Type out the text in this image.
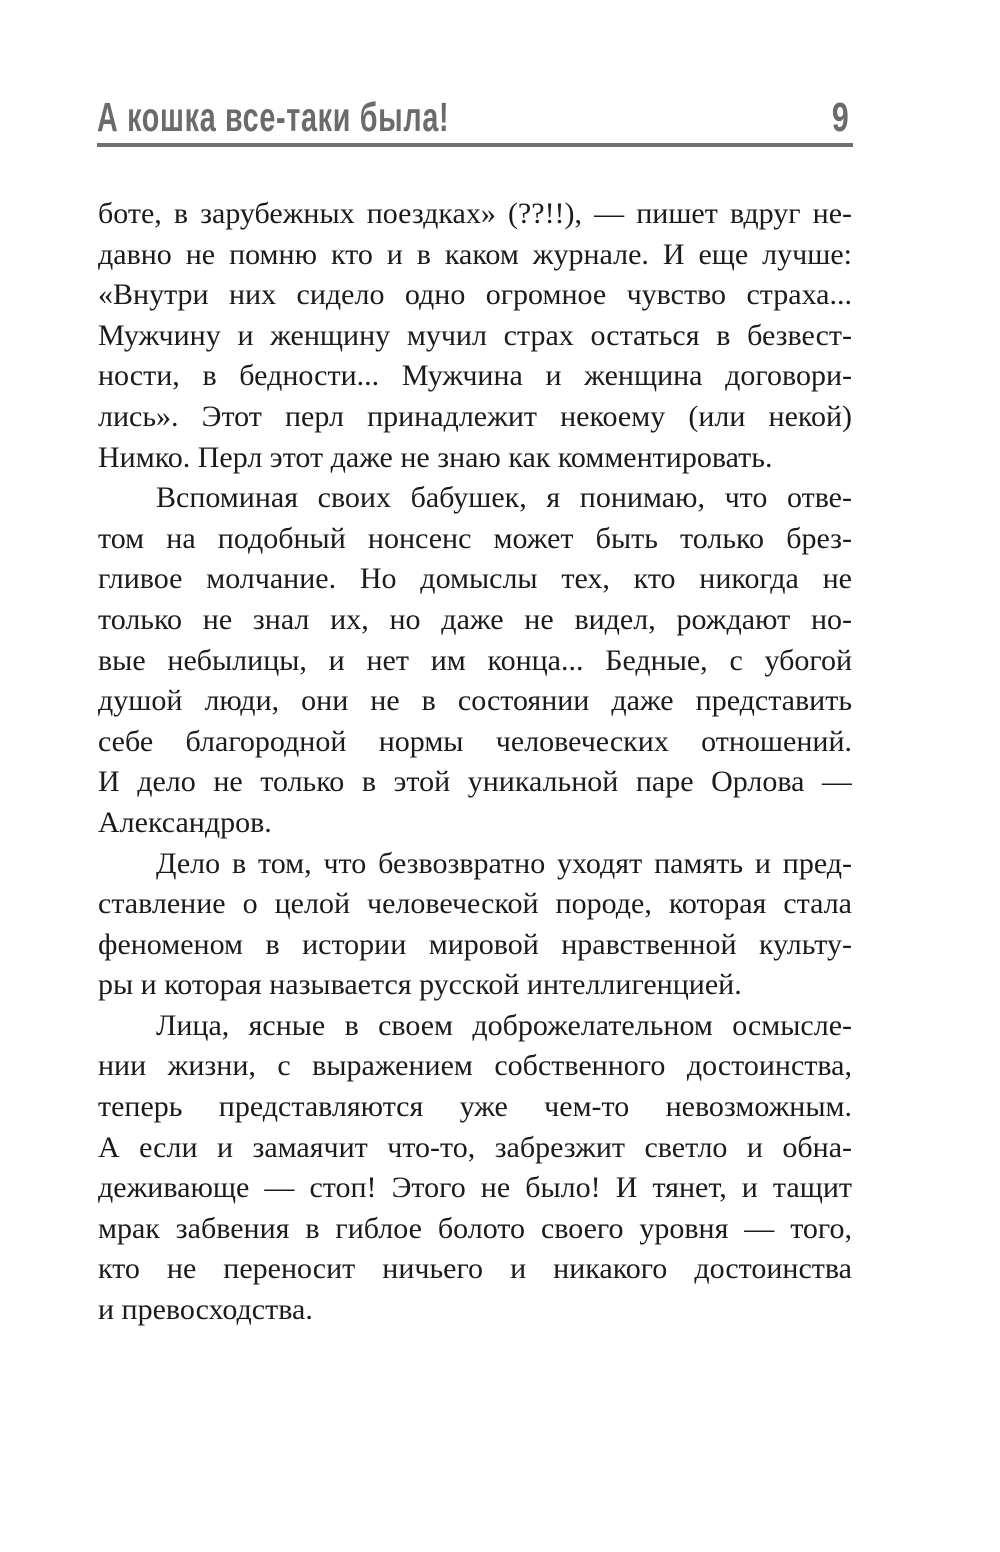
А кошка все-таки была!	9
боте, в зарубежных поездках» (??!!), — пишет вдруг не-
давно не помню кто и в каком журнале. И еще лучше:
«Внутри них сидело одно огромное чувство страха...
Мужчину и женщину мучил страх остаться в безвест-
ности, в бедности... Мужчина и женщина договори-
лись». Этот перл принадлежит некоему (или некой)
Нимко. Перл этот даже не знаю как комментировать.
Вспоминая своих бабушек, я понимаю, что отве-
том на подобный нонсенс может быть только брез-
гливое молчание. Но домыслы тех, кто никогда не
только не знал их, но даже не видел, рождают но-
вые небылицы, и нет им конца... Бедные, с убогой
душой люди, они не в состоянии даже представить
себе благородной нормы человеческих отношений.
И дело не только в этой уникальной паре Орлова —
Александров.
Дело в том, что безвозвратно уходят память и пред-
ставление о целой человеческой породе, которая стала
феноменом в истории мировой нравственной культу-
ры и которая называется русской интеллигенцией.
Лица, ясные в своем доброжелательном осмысле-
нии жизни, с выражением собственного достоинства,
теперь представляются уже чем-то невозможным.
А если и замаячит что-то, забрезжит светло и обна-
деживающе — стоп! Этого не было! И тянет, и тащит
мрак забвения в гиблое болото своего уровня — того,
кто не переносит ничьего и никакого достоинства
и превосходства.
